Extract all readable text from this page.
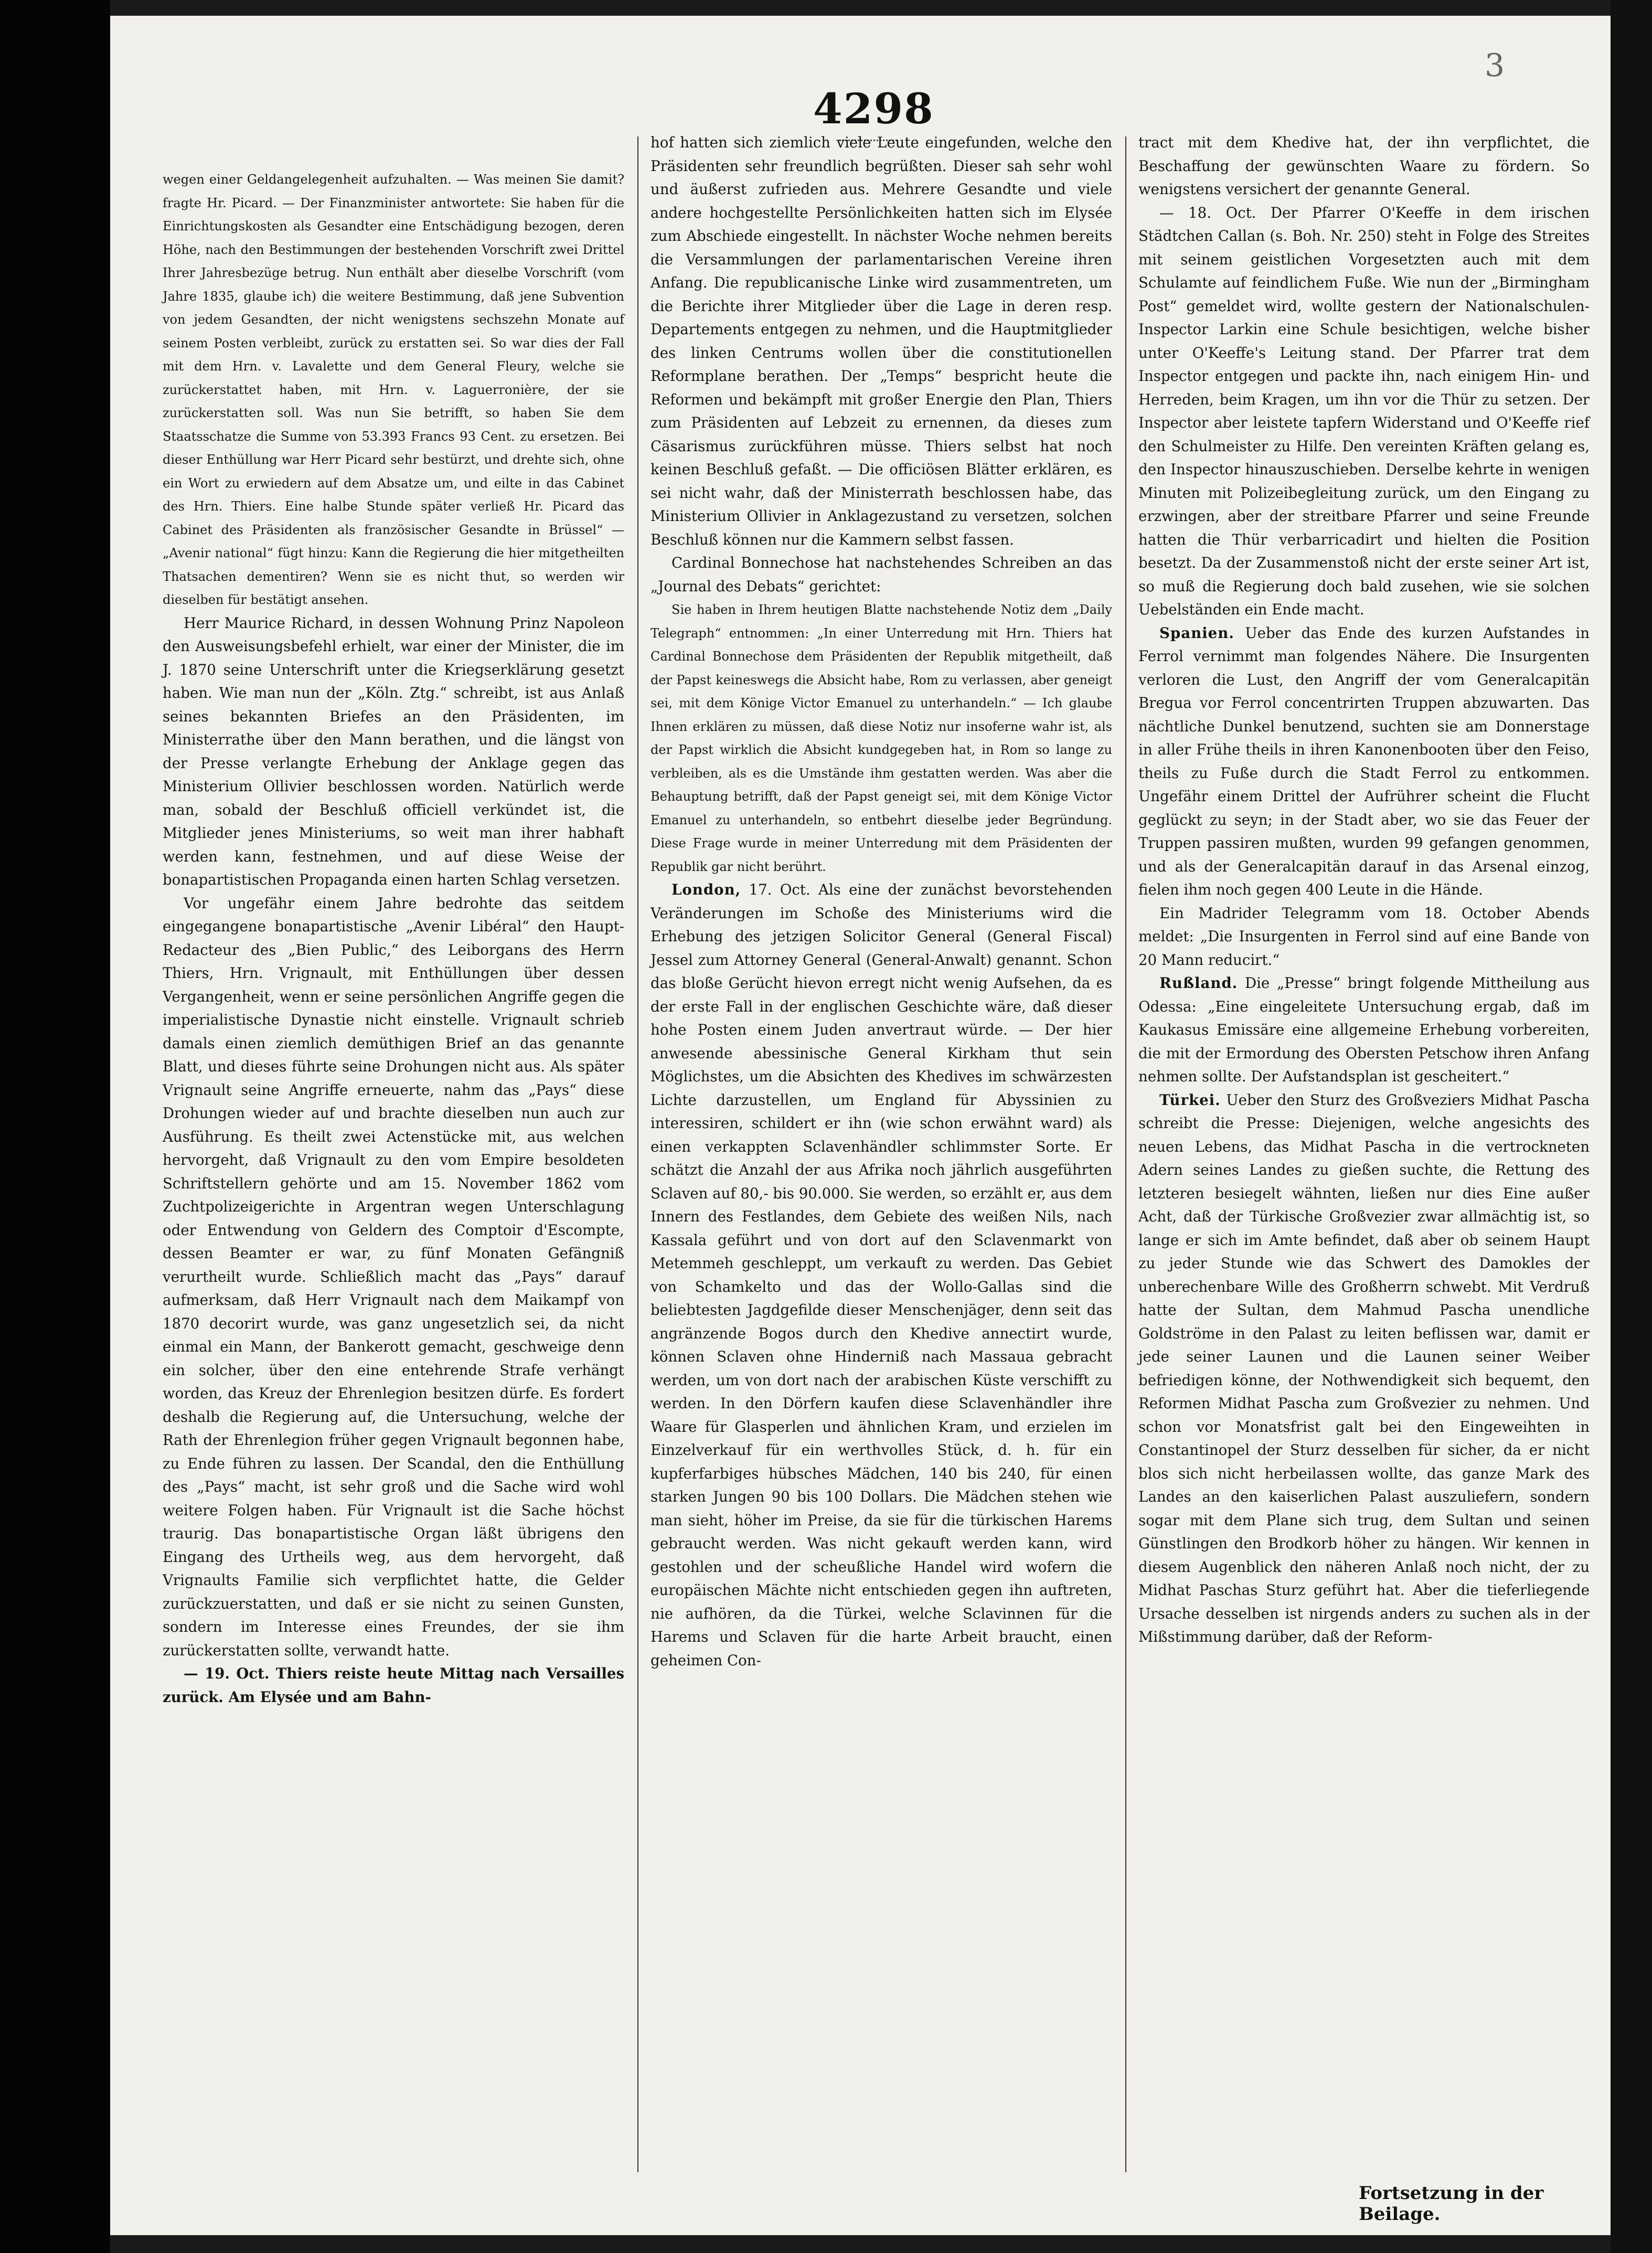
3
4298

wegen einer Geldangelegenheit aufzuhalten. — Was meinen Sie damit? fragte Hr. Picard. — Der Finanzminister antwortete: Sie haben für die Einrichtungskosten als Gesandter eine Entschädigung bezogen, deren Höhe, nach den Bestimmungen der bestehenden Vorschrift zwei Drittel Ihrer Jahresbezüge betrug. Nun enthält aber dieselbe Vorschrift (vom Jahre 1835, glaube ich) die weitere Bestimmung, daß jene Subvention von jedem Gesandten, der nicht wenigstens sechszehn Monate auf seinem Posten verbleibt, zurück zu erstatten sei. So war dies der Fall mit dem Hrn. v. Lavalette und dem General Fleury, welche sie zurückerstattet haben, mit Hrn. v. Laguerronière, der sie zurückerstatten soll. Was nun Sie betrifft, so haben Sie dem Staatsschatze die Summe von 53.393 Francs 93 Cent. zu ersetzen. Bei dieser Enthüllung war Herr Picard sehr bestürzt, und drehte sich, ohne ein Wort zu erwiedern auf dem Absatze um, und eilte in das Cabinet des Hrn. Thiers. Eine halbe Stunde später verließ Hr. Picard das Cabinet des Präsidenten als französischer Gesandte in Brüssel“ — „Avenir national“ fügt hinzu: Kann die Regierung die hier mitgetheilten Thatsachen dementiren? Wenn sie es nicht thut, so werden wir dieselben für bestätigt ansehen.

Herr Maurice Richard, in dessen Wohnung Prinz Napoleon den Ausweisungsbefehl erhielt, war einer der Minister, die im J. 1870 seine Unterschrift unter die Kriegserklärung gesetzt haben. Wie man nun der „Köln. Ztg.“ schreibt, ist aus Anlaß seines bekannten Briefes an den Präsidenten, im Ministerrathe über den Mann berathen, und die längst von der Presse verlangte Erhebung der Anklage gegen das Ministerium Ollivier beschlossen worden. Natürlich werde man, sobald der Beschluß officiell verkündet ist, die Mitglieder jenes Ministeriums, so weit man ihrer habhaft werden kann, festnehmen, und auf diese Weise der bonapartistischen Propaganda einen harten Schlag versetzen.

Vor ungefähr einem Jahre bedrohte das seitdem eingegangene bonapartistische „Avenir Libéral“ den Haupt-Redacteur des „Bien Public,“ des Leiborgans des Herrn Thiers, Hrn. Vrignault, mit Enthüllungen über dessen Vergangenheit, wenn er seine persönlichen Angriffe gegen die imperialistische Dynastie nicht einstelle. Vrignault schrieb damals einen ziemlich demüthigen Brief an das genannte Blatt, und dieses führte seine Drohungen nicht aus. Als später Vrignault seine Angriffe erneuerte, nahm das „Pays“ diese Drohungen wieder auf und brachte dieselben nun auch zur Ausführung. Es theilt zwei Actenstücke mit, aus welchen hervorgeht, daß Vrignault zu den vom Empire besoldeten Schriftstellern gehörte und am 15. November 1862 vom Zuchtpolizeigerichte in Argentran wegen Unterschlagung oder Entwendung von Geldern des Comptoir d'Escompte, dessen Beamter er war, zu fünf Monaten Gefängniß verurtheilt wurde. Schließlich macht das „Pays“ darauf aufmerksam, daß Herr Vrignault nach dem Maikampf von 1870 decorirt wurde, was ganz ungesetzlich sei, da nicht einmal ein Mann, der Bankerott gemacht, geschweige denn ein solcher, über den eine entehrende Strafe verhängt worden, das Kreuz der Ehrenlegion besitzen dürfe. Es fordert deshalb die Regierung auf, die Untersuchung, welche der Rath der Ehrenlegion früher gegen Vrignault begonnen habe, zu Ende führen zu lassen. Der Scandal, den die Enthüllung des „Pays“ macht, ist sehr groß und die Sache wird wohl weitere Folgen haben. Für Vrignault ist die Sache höchst traurig. Das bonapartistische Organ läßt übrigens den Eingang des Urtheils weg, aus dem hervorgeht, daß Vrignaults Familie sich verpflichtet hatte, die Gelder zurückzuerstatten, und daß er sie nicht zu seinen Gunsten, sondern im Interesse eines Freundes, der sie ihm zurückerstatten sollte, verwandt hatte.

— 19. Oct. Thiers reiste heute Mittag nach Versailles zurück. Am Elysée und am Bahn-

hof hatten sich ziemlich viele Leute eingefunden, welche den Präsidenten sehr freundlich begrüßten. Dieser sah sehr wohl und äußerst zufrieden aus. Mehrere Gesandte und viele andere hochgestellte Persönlichkeiten hatten sich im Elysée zum Abschiede eingestellt. In nächster Woche nehmen bereits die Versammlungen der parlamentarischen Vereine ihren Anfang. Die republicanische Linke wird zusammentreten, um die Berichte ihrer Mitglieder über die Lage in deren resp. Departements entgegen zu nehmen, und die Hauptmitglieder des linken Centrums wollen über die constitutionellen Reformplane berathen. Der „Temps“ bespricht heute die Reformen und bekämpft mit großer Energie den Plan, Thiers zum Präsidenten auf Lebzeit zu ernennen, da dieses zum Cäsarismus zurückführen müsse. Thiers selbst hat noch keinen Beschluß gefaßt. — Die officiösen Blätter erklären, es sei nicht wahr, daß der Ministerrath beschlossen habe, das Ministerium Ollivier in Anklagezustand zu versetzen, solchen Beschluß können nur die Kammern selbst fassen.

Cardinal Bonnechose hat nachstehendes Schreiben an das „Journal des Debats“ gerichtet:

Sie haben in Ihrem heutigen Blatte nachstehende Notiz dem „Daily Telegraph“ entnommen: „In einer Unterredung mit Hrn. Thiers hat Cardinal Bonnechose dem Präsidenten der Republik mitgetheilt, daß der Papst keineswegs die Absicht habe, Rom zu verlassen, aber geneigt sei, mit dem Könige Victor Emanuel zu unterhandeln.“ — Ich glaube Ihnen erklären zu müssen, daß diese Notiz nur insoferne wahr ist, als der Papst wirklich die Absicht kundgegeben hat, in Rom so lange zu verbleiben, als es die Umstände ihm gestatten werden. Was aber die Behauptung betrifft, daß der Papst geneigt sei, mit dem Könige Victor Emanuel zu unterhandeln, so entbehrt dieselbe jeder Begründung. Diese Frage wurde in meiner Unterredung mit dem Präsidenten der Republik gar nicht berührt.

London, 17. Oct. Als eine der zunächst bevorstehenden Veränderungen im Schoße des Ministeriums wird die Erhebung des jetzigen Solicitor General (General Fiscal) Jessel zum Attorney General (General-Anwalt) genannt. Schon das bloße Gerücht hievon erregt nicht wenig Aufsehen, da es der erste Fall in der englischen Geschichte wäre, daß dieser hohe Posten einem Juden anvertraut würde. — Der hier anwesende abessinische General Kirkham thut sein Möglichstes, um die Absichten des Khedives im schwärzesten Lichte darzustellen, um England für Abyssinien zu interessiren, schildert er ihn (wie schon erwähnt ward) als einen verkappten Sclavenhändler schlimmster Sorte. Er schätzt die Anzahl der aus Afrika noch jährlich ausgeführten Sclaven auf 80,- bis 90.000. Sie werden, so erzählt er, aus dem Innern des Festlandes, dem Gebiete des weißen Nils, nach Kassala geführt und von dort auf den Sclavenmarkt von Metemmeh geschleppt, um verkauft zu werden. Das Gebiet von Schamkelto und das der Wollo-Gallas sind die beliebtesten Jagdgefilde dieser Menschenjäger, denn seit das angränzende Bogos durch den Khedive annectirt wurde, können Sclaven ohne Hinderniß nach Massaua gebracht werden, um von dort nach der arabischen Küste verschifft zu werden. In den Dörfern kaufen diese Sclavenhändler ihre Waare für Glasperlen und ähnlichen Kram, und erzielen im Einzelverkauf für ein werthvolles Stück, d. h. für ein kupferfarbiges hübsches Mädchen, 140 bis 240, für einen starken Jungen 90 bis 100 Dollars. Die Mädchen stehen wie man sieht, höher im Preise, da sie für die türkischen Harems gebraucht werden. Was nicht gekauft werden kann, wird gestohlen und der scheußliche Handel wird wofern die europäischen Mächte nicht entschieden gegen ihn auftreten, nie aufhören, da die Türkei, welche Sclavinnen für die Harems und Sclaven für die harte Arbeit braucht, einen geheimen Con-

tract mit dem Khedive hat, der ihn verpflichtet, die Beschaffung der gewünschten Waare zu fördern. So wenigstens versichert der genannte General.

— 18. Oct. Der Pfarrer O'Keeffe in dem irischen Städtchen Callan (s. Boh. Nr. 250) steht in Folge des Streites mit seinem geistlichen Vorgesetzten auch mit dem Schulamte auf feindlichem Fuße. Wie nun der „Birmingham Post“ gemeldet wird, wollte gestern der Nationalschulen-Inspector Larkin eine Schule besichtigen, welche bisher unter O'Keeffe's Leitung stand. Der Pfarrer trat dem Inspector entgegen und packte ihn, nach einigem Hin- und Herreden, beim Kragen, um ihn vor die Thür zu setzen. Der Inspector aber leistete tapfern Widerstand und O'Keeffe rief den Schulmeister zu Hilfe. Den vereinten Kräften gelang es, den Inspector hinauszuschieben. Derselbe kehrte in wenigen Minuten mit Polizeibegleitung zurück, um den Eingang zu erzwingen, aber der streitbare Pfarrer und seine Freunde hatten die Thür verbarricadirt und hielten die Position besetzt. Da der Zusammenstoß nicht der erste seiner Art ist, so muß die Regierung doch bald zusehen, wie sie solchen Uebelständen ein Ende macht.

Spanien. Ueber das Ende des kurzen Aufstandes in Ferrol vernimmt man folgendes Nähere. Die Insurgenten verloren die Lust, den Angriff der vom Generalcapitän Bregua vor Ferrol concentrirten Truppen abzuwarten. Das nächtliche Dunkel benutzend, suchten sie am Donnerstage in aller Frühe theils in ihren Kanonenbooten über den Feiso, theils zu Fuße durch die Stadt Ferrol zu entkommen. Ungefähr einem Drittel der Aufrührer scheint die Flucht geglückt zu seyn; in der Stadt aber, wo sie das Feuer der Truppen passiren mußten, wurden 99 gefangen genommen, und als der Generalcapitän darauf in das Arsenal einzog, fielen ihm noch gegen 400 Leute in die Hände.

Ein Madrider Telegramm vom 18. October Abends meldet: „Die Insurgenten in Ferrol sind auf eine Bande von 20 Mann reducirt.“

Rußland. Die „Presse“ bringt folgende Mittheilung aus Odessa: „Eine eingeleitete Untersuchung ergab, daß im Kaukasus Emissäre eine allgemeine Erhebung vorbereiten, die mit der Ermordung des Obersten Petschow ihren Anfang nehmen sollte. Der Aufstandsplan ist gescheitert.“

Türkei. Ueber den Sturz des Großveziers Midhat Pascha schreibt die Presse: Diejenigen, welche angesichts des neuen Lebens, das Midhat Pascha in die vertrockneten Adern seines Landes zu gießen suchte, die Rettung des letzteren besiegelt wähnten, ließen nur dies Eine außer Acht, daß der Türkische Großvezier zwar allmächtig ist, so lange er sich im Amte befindet, daß aber ob seinem Haupt zu jeder Stunde wie das Schwert des Damokles der unberechenbare Wille des Großherrn schwebt. Mit Verdruß hatte der Sultan, dem Mahmud Pascha unendliche Goldströme in den Palast zu leiten beflissen war, damit er jede seiner Launen und die Launen seiner Weiber befriedigen könne, der Nothwendigkeit sich bequemt, den Reformen Midhat Pascha zum Großvezier zu nehmen. Und schon vor Monatsfrist galt bei den Eingeweihten in Constantinopel der Sturz desselben für sicher, da er nicht blos sich nicht herbeilassen wollte, das ganze Mark des Landes an den kaiserlichen Palast auszuliefern, sondern sogar mit dem Plane sich trug, dem Sultan und seinen Günstlingen den Brodkorb höher zu hängen. Wir kennen in diesem Augenblick den näheren Anlaß noch nicht, der zu Midhat Paschas Sturz geführt hat. Aber die tieferliegende Ursache desselben ist nirgends anders zu suchen als in der Mißstimmung darüber, daß der Reform-

Fortsetzung in der Beilage.
